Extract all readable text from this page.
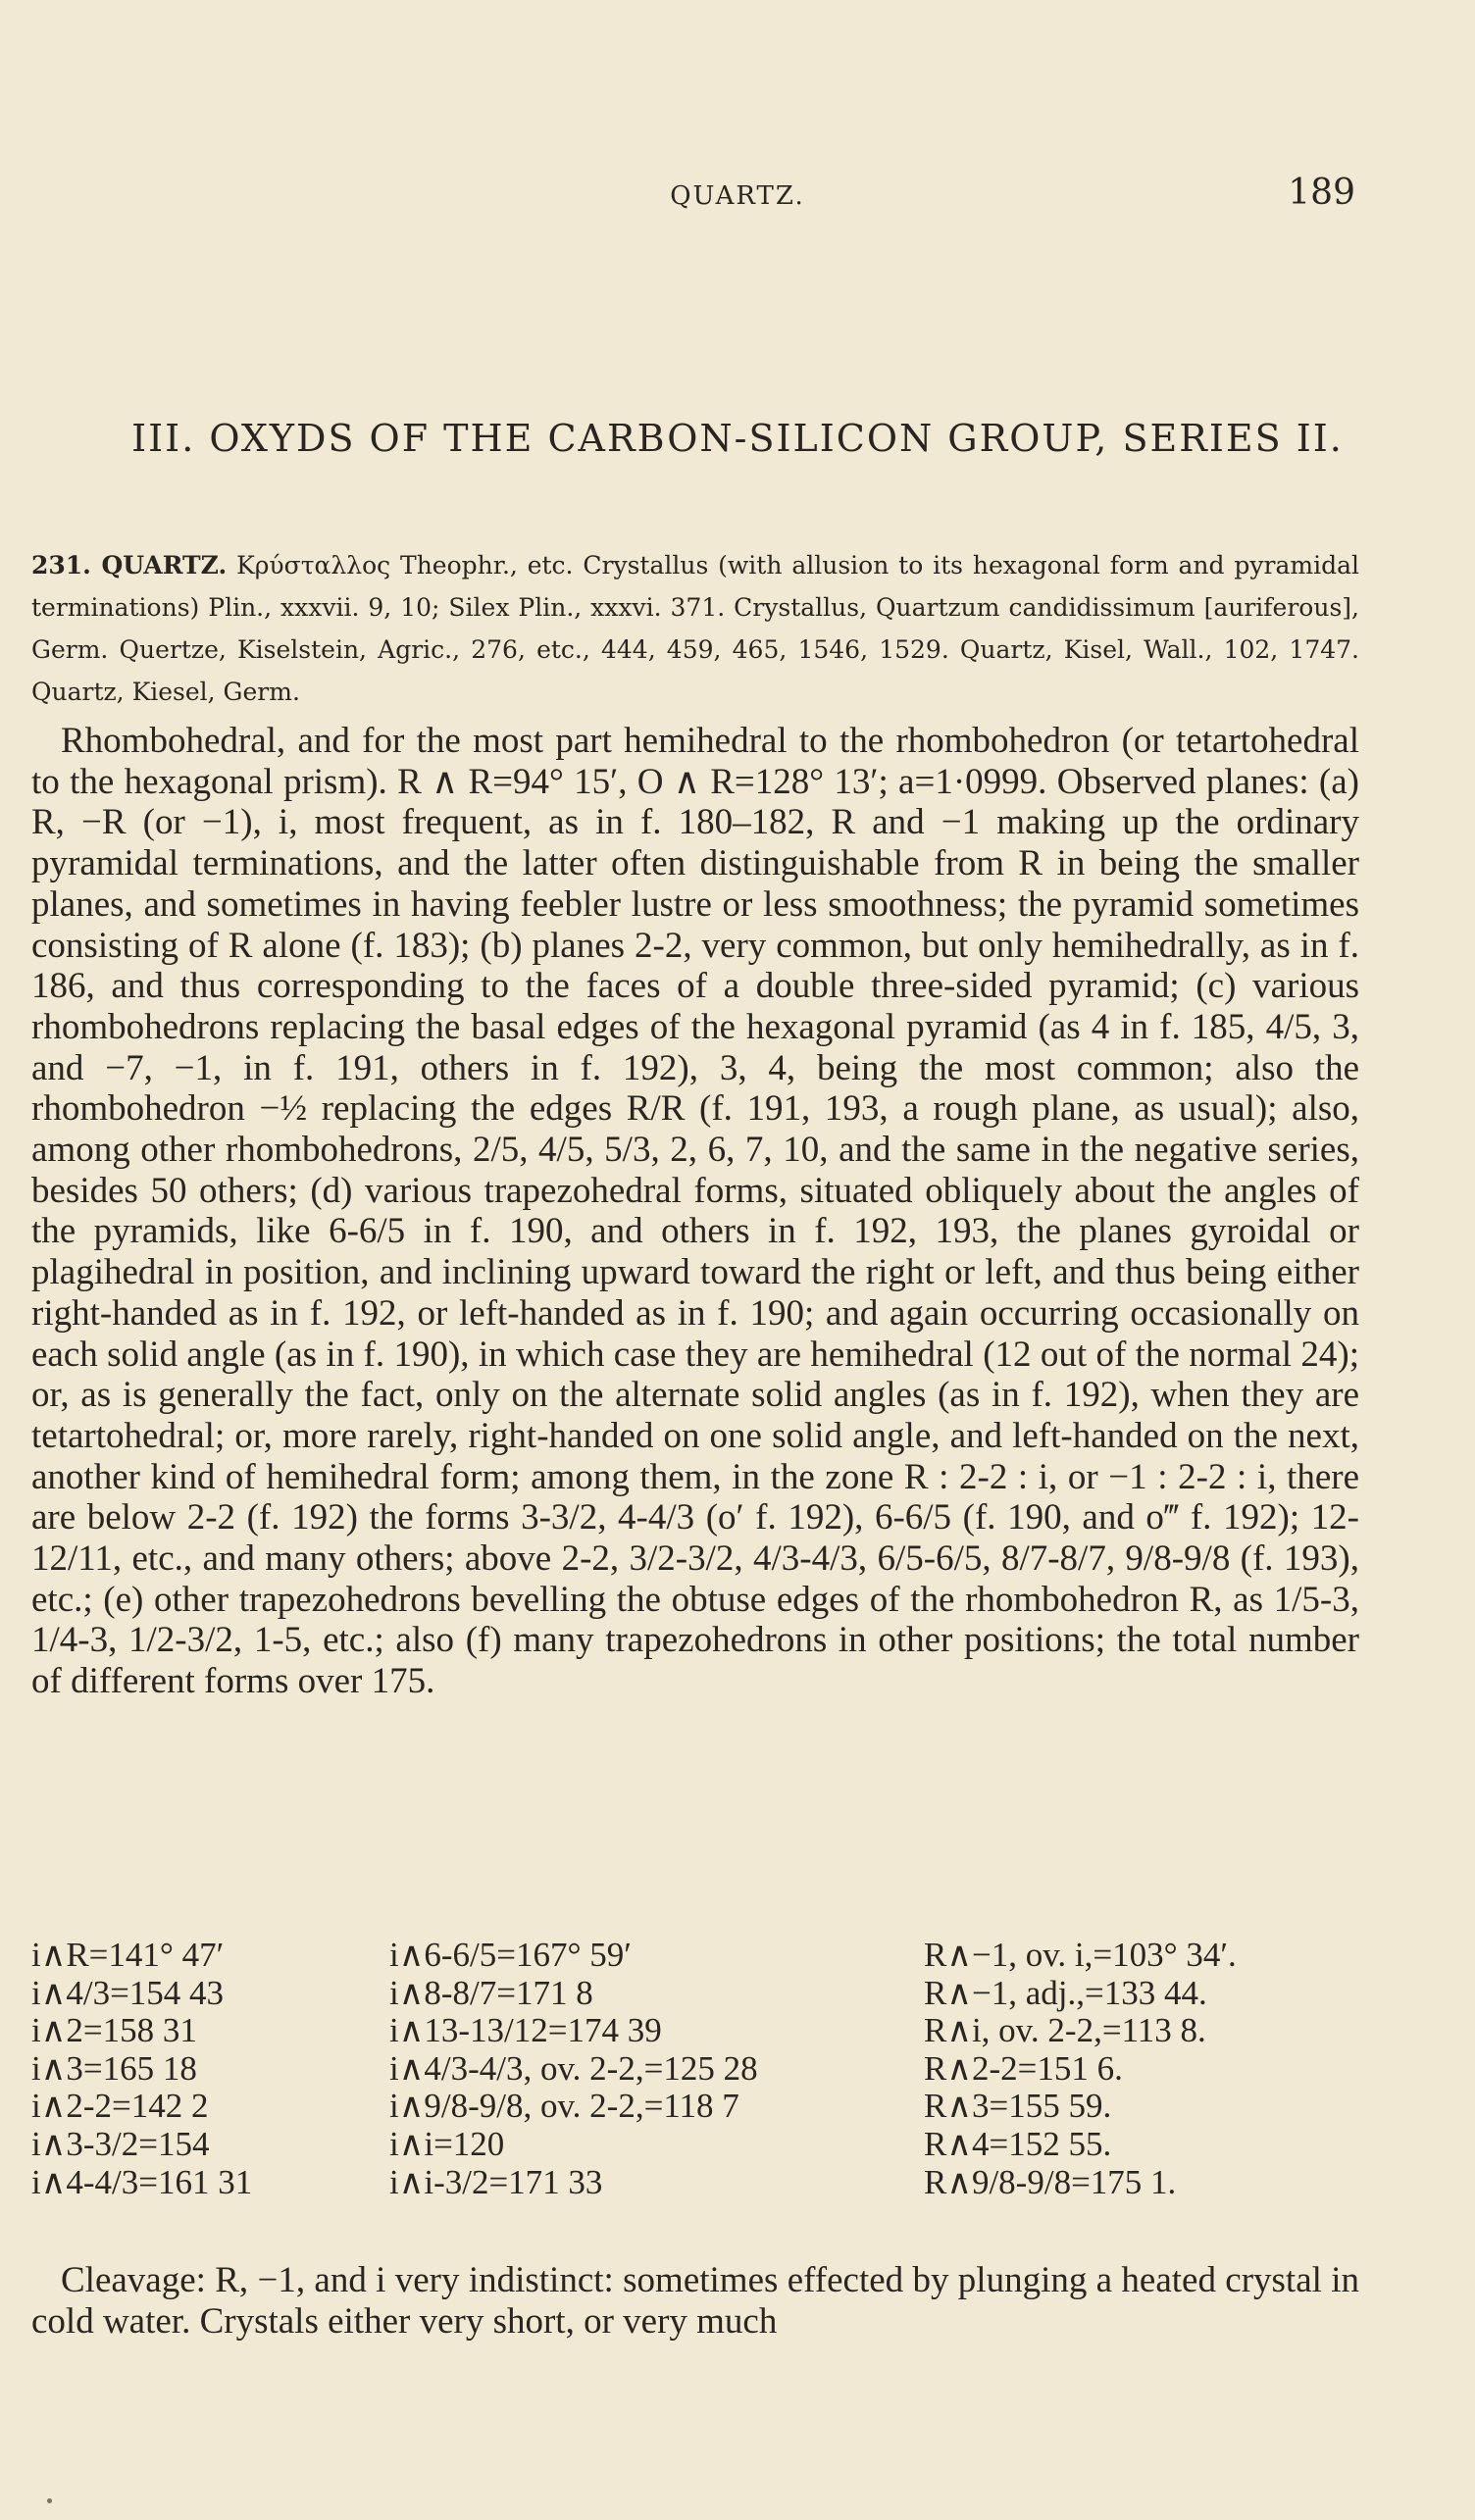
QUARTZ.	189
III. OXYDS OF THE CARBON-SILICON GROUP, SERIES II.
231. QUARTZ. Κρύσταλλος Theophr., etc. Crystallus (with allusion to its hexagonal form and pyramidal terminations) Plin., xxxvii. 9, 10; Silex Plin., xxxvi. 371. Crystallus, Quartzum candidissimum [auriferous], Germ. Quertze, Kiselstein, Agric., 276, etc., 444, 459, 465, 1546, 1529. Quartz, Kisel, Wall., 102, 1747. Quartz, Kiesel, Germ.
Rhombohedral, and for the most part hemihedral to the rhombohedron (or tetartohedral to the hexagonal prism). R ∧ R=94° 15′, O ∧ R=128° 13′; a=1·0999. Observed planes: (a) R, −R (or −1), i, most frequent, as in f. 180–182, R and −1 making up the ordinary pyramidal terminations, and the latter often distinguishable from R in being the smaller planes, and sometimes in having feebler lustre or less smoothness; the pyramid sometimes consisting of R alone (f. 183); (b) planes 2-2, very common, but only hemihedrally, as in f. 186, and thus corresponding to the faces of a double three-sided pyramid; (c) various rhombohedrons replacing the basal edges of the hexagonal pyramid (as 4 in f. 185, 4/5, 3, and −7, −1, in f. 191, others in f. 192), 3, 4, being the most common; also the rhombohedron −½ replacing the edges R/R (f. 191, 193, a rough plane, as usual); also, among other rhombohedrons, 2/5, 4/5, 5/3, 2, 6, 7, 10, and the same in the negative series, besides 50 others; (d) various trapezohedral forms, situated obliquely about the angles of the pyramids, like 6-6/5 in f. 190, and others in f. 192, 193, the planes gyroidal or plagihedral in position, and inclining upward toward the right or left, and thus being either right-handed as in f. 192, or left-handed as in f. 190; and again occurring occasionally on each solid angle (as in f. 190), in which case they are hemihedral (12 out of the normal 24); or, as is generally the fact, only on the alternate solid angles (as in f. 192), when they are tetartohedral; or, more rarely, right-handed on one solid angle, and left-handed on the next, another kind of hemihedral form; among them, in the zone R : 2-2 : i, or −1 : 2-2 : i, there are below 2-2 (f. 192) the forms 3-3/2, 4-4/3 (o′ f. 192), 6-6/5 (f. 190, and o‴ f. 192); 12-12/11, etc., and many others; above 2-2, 3/2-3/2, 4/3-4/3, 6/5-6/5, 8/7-8/7, 9/8-9/8 (f. 193), etc.; (e) other trapezohedrons bevelling the obtuse edges of the rhombohedron R, as 1/5-3, 1/4-3, 1/2-3/2, 1-5, etc.; also (f) many trapezohedrons in other positions; the total number of different forms over 175.
i∧R=141° 47′
i∧4/3=154 43
i∧2=158 31
i∧3=165 18
i∧2-2=142 2
i∧3-3/2=154
i∧4-4/3=161 31
i∧6-6/5=167° 59′
i∧8-8/7=171 8
i∧13-13/12=174 39
i∧4/3-4/3, ov. 2-2,=125 28
i∧9/8-9/8, ov. 2-2,=118 7
i∧i=120
i∧i-3/2=171 33
R∧−1, ov. i,=103° 34′.
R∧−1, adj.,=133 44.
R∧i, ov. 2-2,=113 8.
R∧2-2=151 6.
R∧3=155 59.
R∧4=152 55.
R∧9/8-9/8=175 1.
Cleavage: R, −1, and i very indistinct: sometimes effected by plunging a heated crystal in cold water. Crystals either very short, or very much
